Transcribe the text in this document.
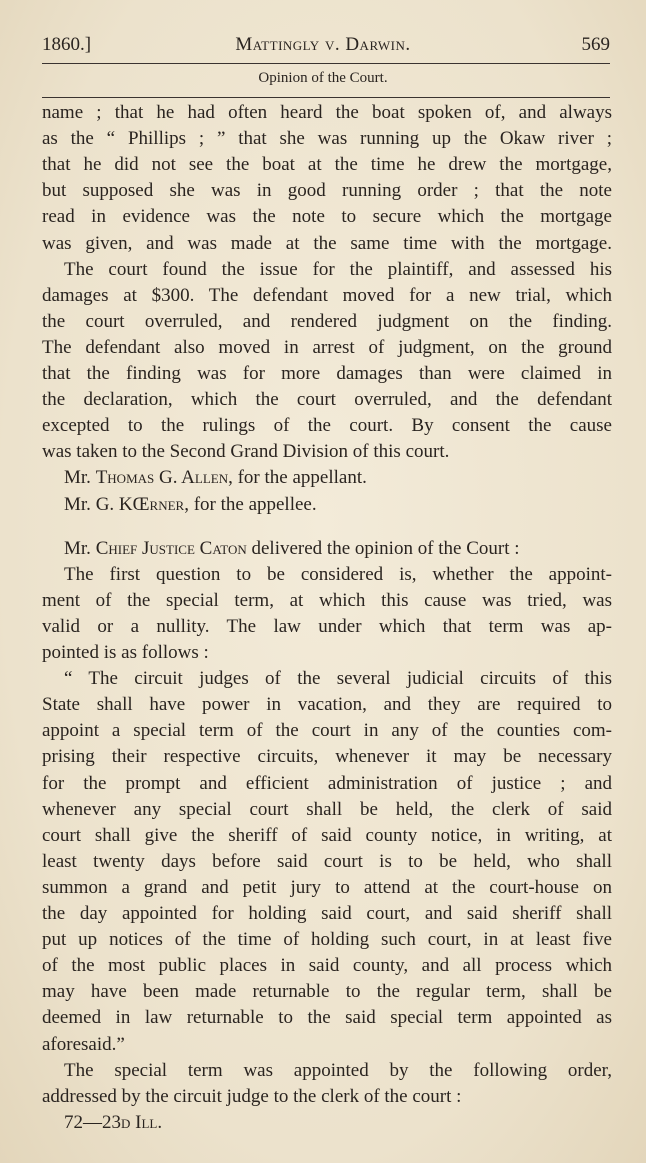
1860.]	Mattingly v. Darwin.	569
Opinion of the Court.
name ; that he had often heard the boat spoken of, and always
as the “ Phillips ; ” that she was running up the Okaw river ;
that he did not see the boat at the time he drew the mortgage,
but supposed she was in good running order ; that the note
read in evidence was the note to secure which the mortgage
was given, and was made at the same time with the mortgage.
The court found the issue for the plaintiff, and assessed his
damages at $300. The defendant moved for a new trial, which
the court overruled, and rendered judgment on the finding.
The defendant also moved in arrest of judgment, on the ground
that the finding was for more damages than were claimed in
the declaration, which the court overruled, and the defendant
excepted to the rulings of the court. By consent the cause
was taken to the Second Grand Division of this court.
Mr. Thomas G. Allen, for the appellant.
Mr. G. KŒrner, for the appellee.
Mr. Chief Justice Caton delivered the opinion of the Court :
The first question to be considered is, whether the appoint-
ment of the special term, at which this cause was tried, was
valid or a nullity. The law under which that term was ap-
pointed is as follows :
“ The circuit judges of the several judicial circuits of this
State shall have power in vacation, and they are required to
appoint a special term of the court in any of the counties com-
prising their respective circuits, whenever it may be necessary
for the prompt and efficient administration of justice ; and
whenever any special court shall be held, the clerk of said
court shall give the sheriff of said county notice, in writing, at
least twenty days before said court is to be held, who shall
summon a grand and petit jury to attend at the court-house on
the day appointed for holding said court, and said sheriff shall
put up notices of the time of holding such court, in at least five
of the most public places in said county, and all process which
may have been made returnable to the regular term, shall be
deemed in law returnable to the said special term appointed as
aforesaid.”
The special term was appointed by the following order,
addressed by the circuit judge to the clerk of the court :
72—23d Ill.
